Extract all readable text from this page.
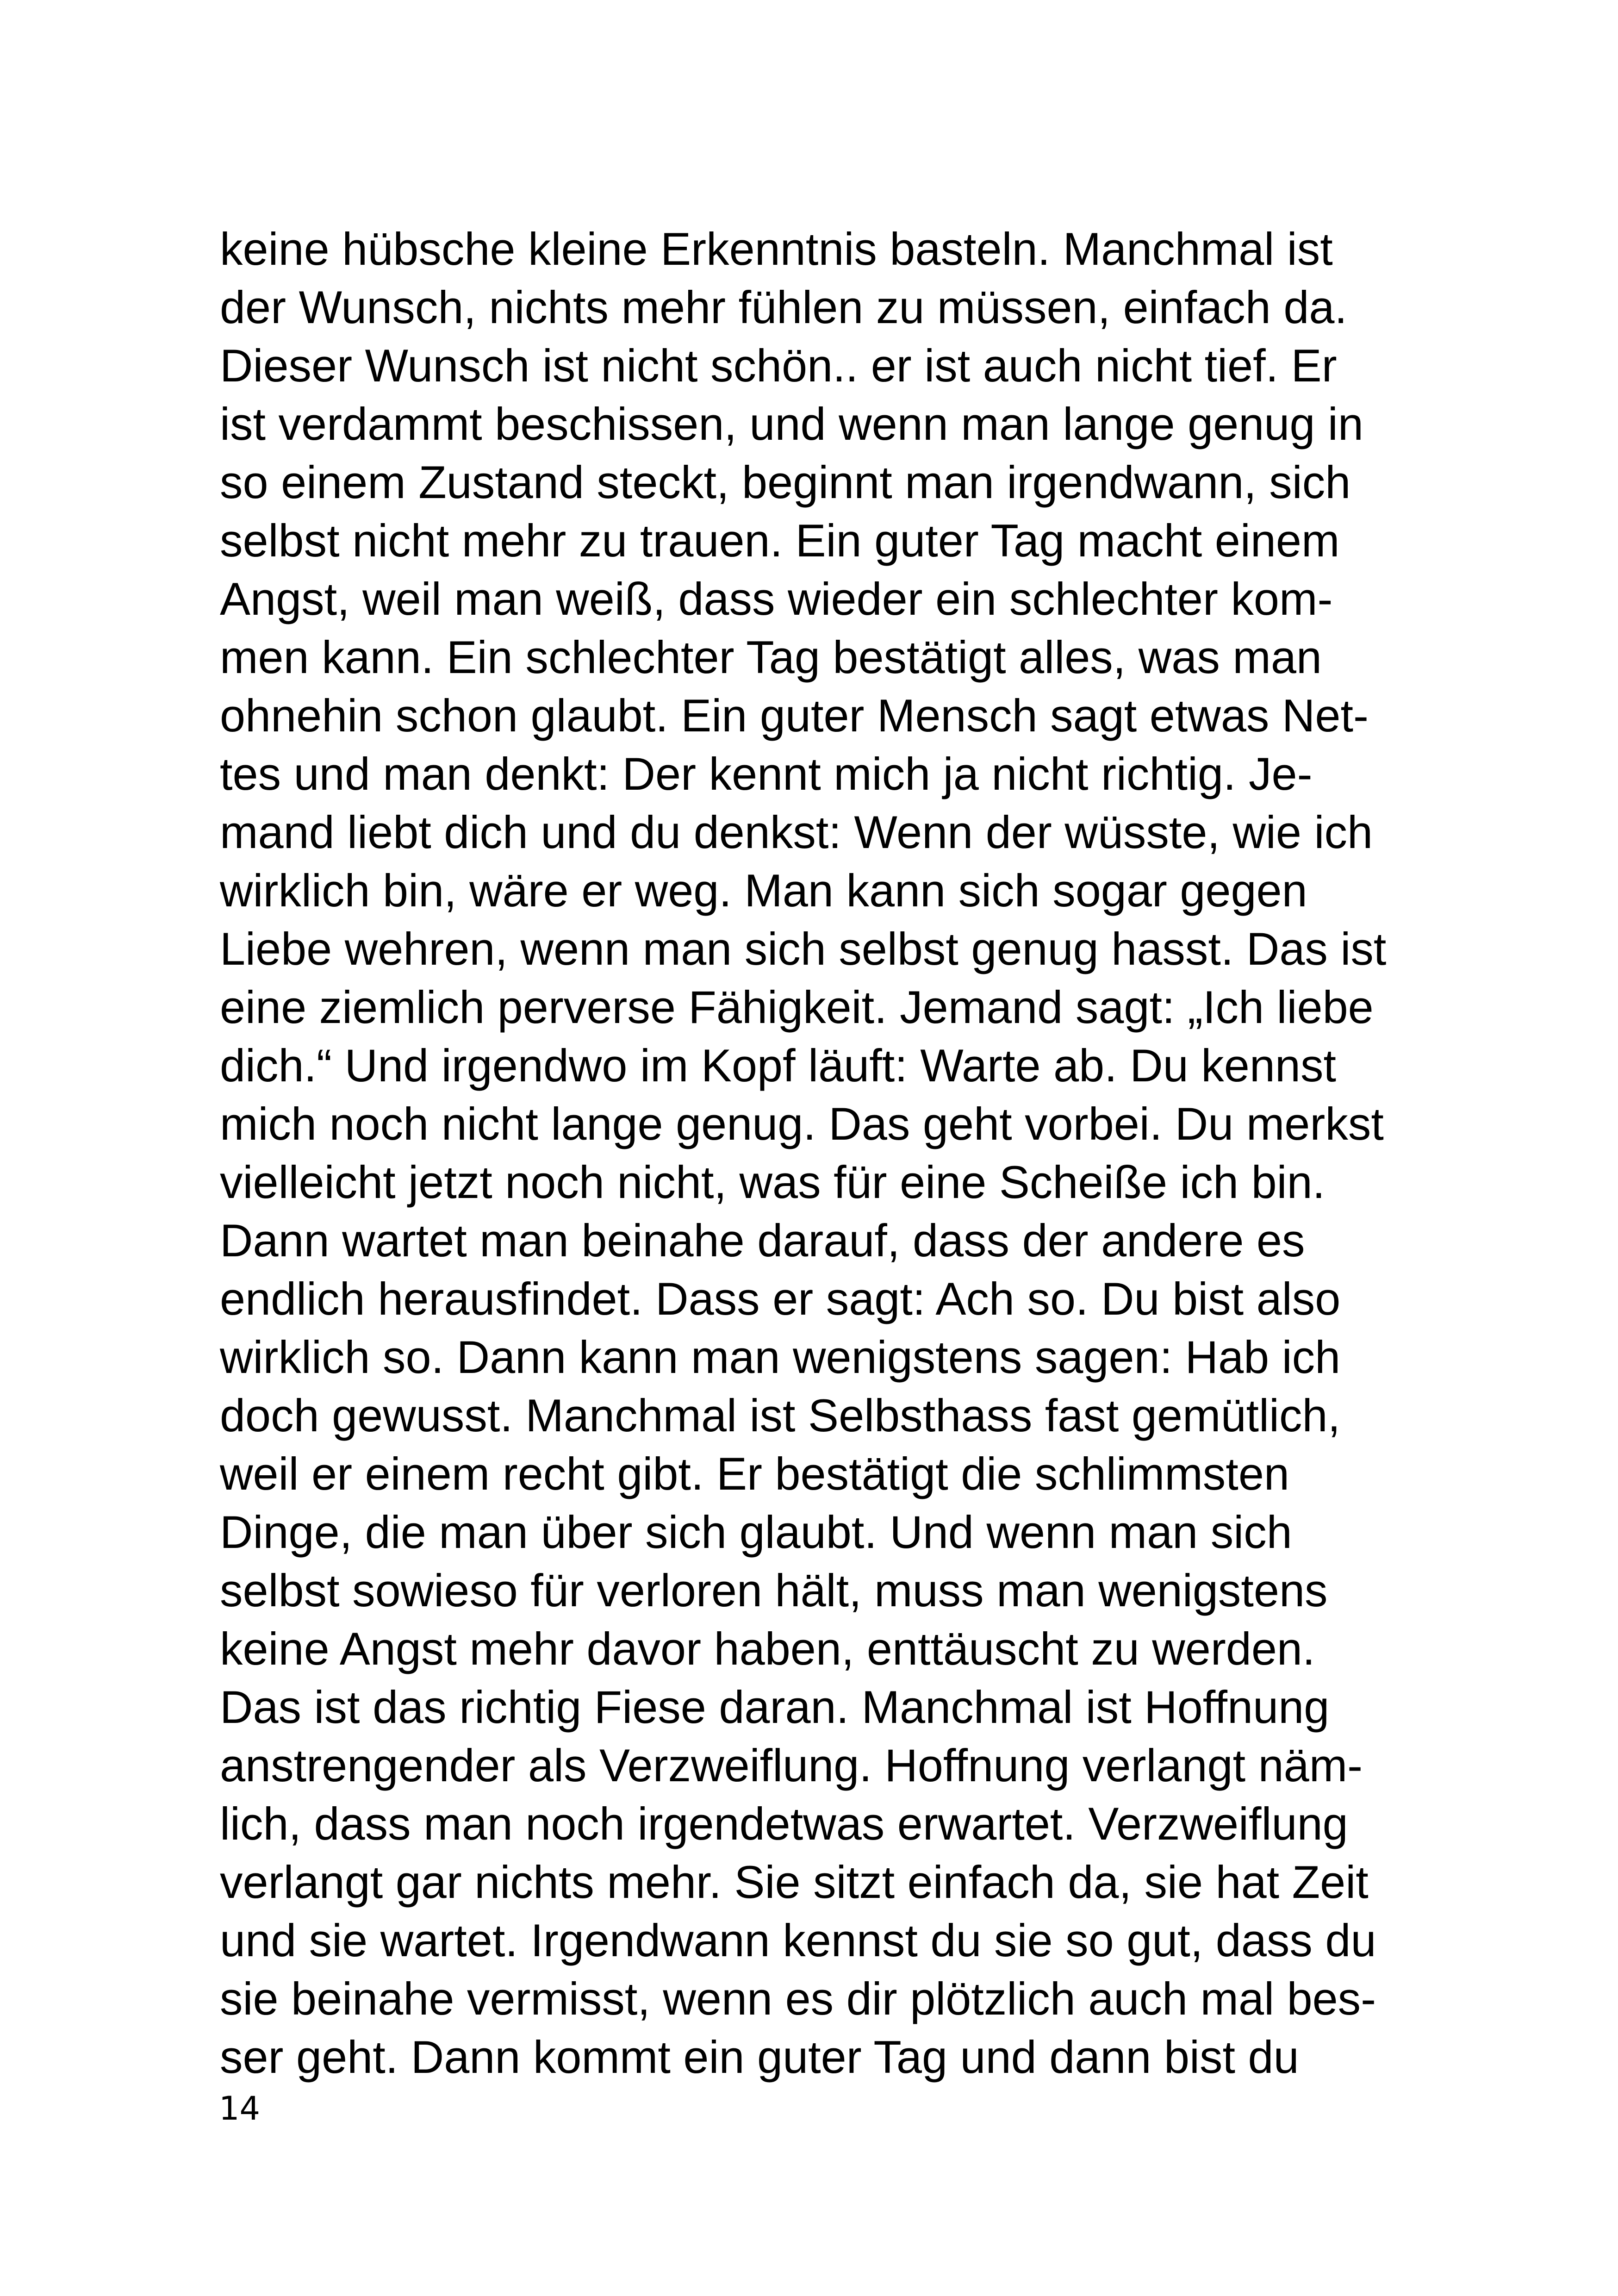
keine hübsche kleine Erkenntnis basteln. Manchmal ist
der Wunsch, nichts mehr fühlen zu müssen, einfach da.
Dieser Wunsch ist nicht schön.. er ist auch nicht tief. Er
ist verdammt beschissen, und wenn man lange genug in
so einem Zustand steckt, beginnt man irgendwann, sich
selbst nicht mehr zu trauen. Ein guter Tag macht einem
Angst, weil man weiß, dass wieder ein schlechter kom-
men kann. Ein schlechter Tag bestätigt alles, was man
ohnehin schon glaubt. Ein guter Mensch sagt etwas Net-
tes und man denkt: Der kennt mich ja nicht richtig. Je-
mand liebt dich und du denkst: Wenn der wüsste, wie ich
wirklich bin, wäre er weg. Man kann sich sogar gegen
Liebe wehren, wenn man sich selbst genug hasst. Das ist
eine ziemlich perverse Fähigkeit. Jemand sagt: „Ich liebe
dich.“ Und irgendwo im Kopf läuft: Warte ab. Du kennst
mich noch nicht lange genug. Das geht vorbei. Du merkst
vielleicht jetzt noch nicht, was für eine Scheiße ich bin.
Dann wartet man beinahe darauf, dass der andere es
endlich herausfindet. Dass er sagt: Ach so. Du bist also
wirklich so. Dann kann man wenigstens sagen: Hab ich
doch gewusst. Manchmal ist Selbsthass fast gemütlich,
weil er einem recht gibt. Er bestätigt die schlimmsten
Dinge, die man über sich glaubt. Und wenn man sich
selbst sowieso für verloren hält, muss man wenigstens
keine Angst mehr davor haben, enttäuscht zu werden.
Das ist das richtig Fiese daran. Manchmal ist Hoffnung
anstrengender als Verzweiflung. Hoffnung verlangt näm-
lich, dass man noch irgendetwas erwartet. Verzweiflung
verlangt gar nichts mehr. Sie sitzt einfach da, sie hat Zeit
und sie wartet. Irgendwann kennst du sie so gut, dass du
sie beinahe vermisst, wenn es dir plötzlich auch mal bes-
ser geht. Dann kommt ein guter Tag und dann bist du
14
